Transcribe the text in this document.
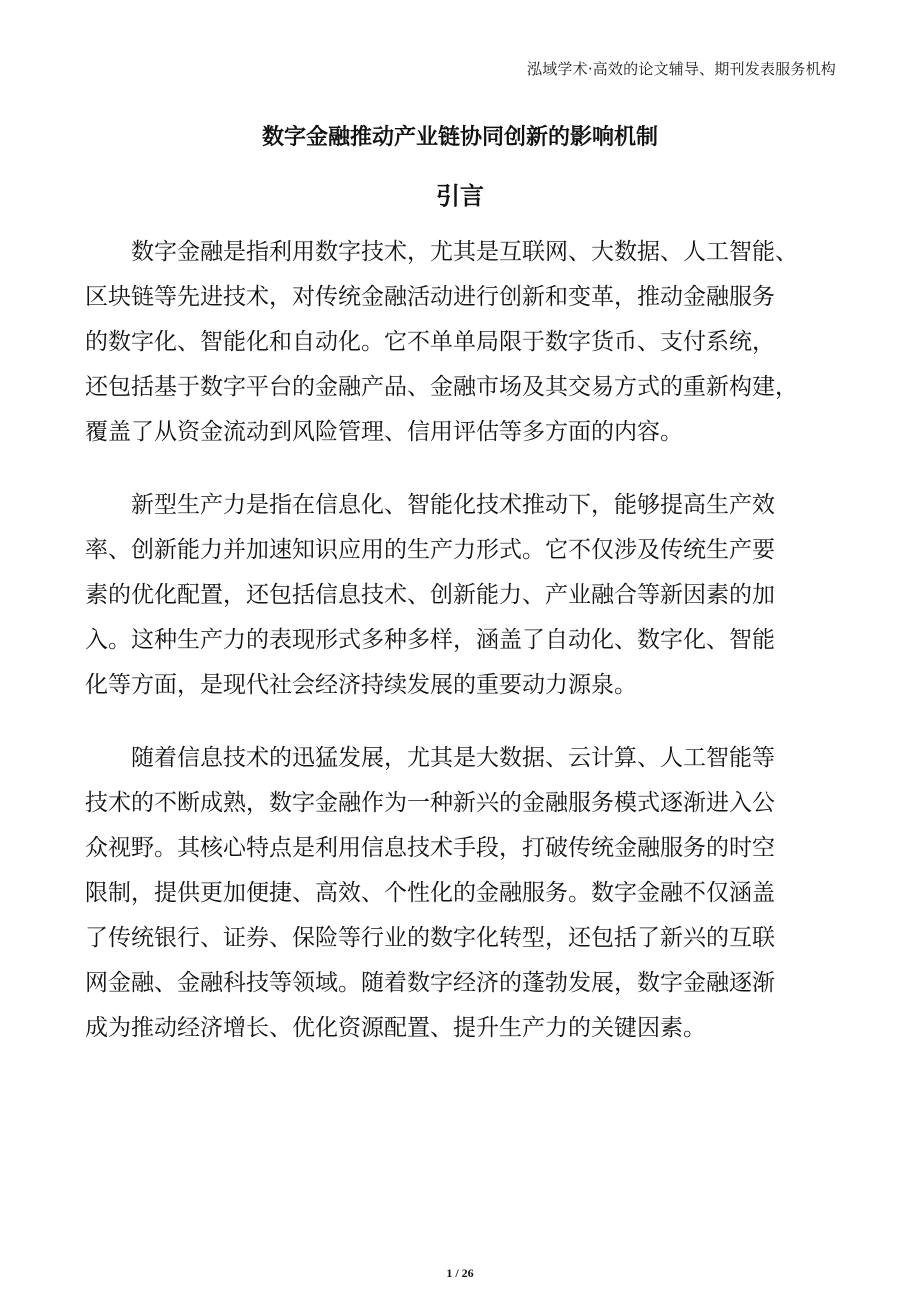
泓域学术·高效的论文辅导、期刊发表服务机构
数字金融推动产业链协同创新的影响机制
引言
数字金融是指利用数字技术，尤其是互联网、大数据、人工智能、
区块链等先进技术，对传统金融活动进行创新和变革，推动金融服务
的数字化、智能化和自动化。它不单单局限于数字货币、支付系统，
还包括基于数字平台的金融产品、金融市场及其交易方式的重新构建，
覆盖了从资金流动到风险管理、信用评估等多方面的内容。
新型生产力是指在信息化、智能化技术推动下，能够提高生产效
率、创新能力并加速知识应用的生产力形式。它不仅涉及传统生产要
素的优化配置，还包括信息技术、创新能力、产业融合等新因素的加
入。这种生产力的表现形式多种多样，涵盖了自动化、数字化、智能
化等方面，是现代社会经济持续发展的重要动力源泉。
随着信息技术的迅猛发展，尤其是大数据、云计算、人工智能等
技术的不断成熟，数字金融作为一种新兴的金融服务模式逐渐进入公
众视野。其核心特点是利用信息技术手段，打破传统金融服务的时空
限制，提供更加便捷、高效、个性化的金融服务。数字金融不仅涵盖
了传统银行、证券、保险等行业的数字化转型，还包括了新兴的互联
网金融、金融科技等领域。随着数字经济的蓬勃发展，数字金融逐渐
成为推动经济增长、优化资源配置、提升生产力的关键因素。
1 / 26
